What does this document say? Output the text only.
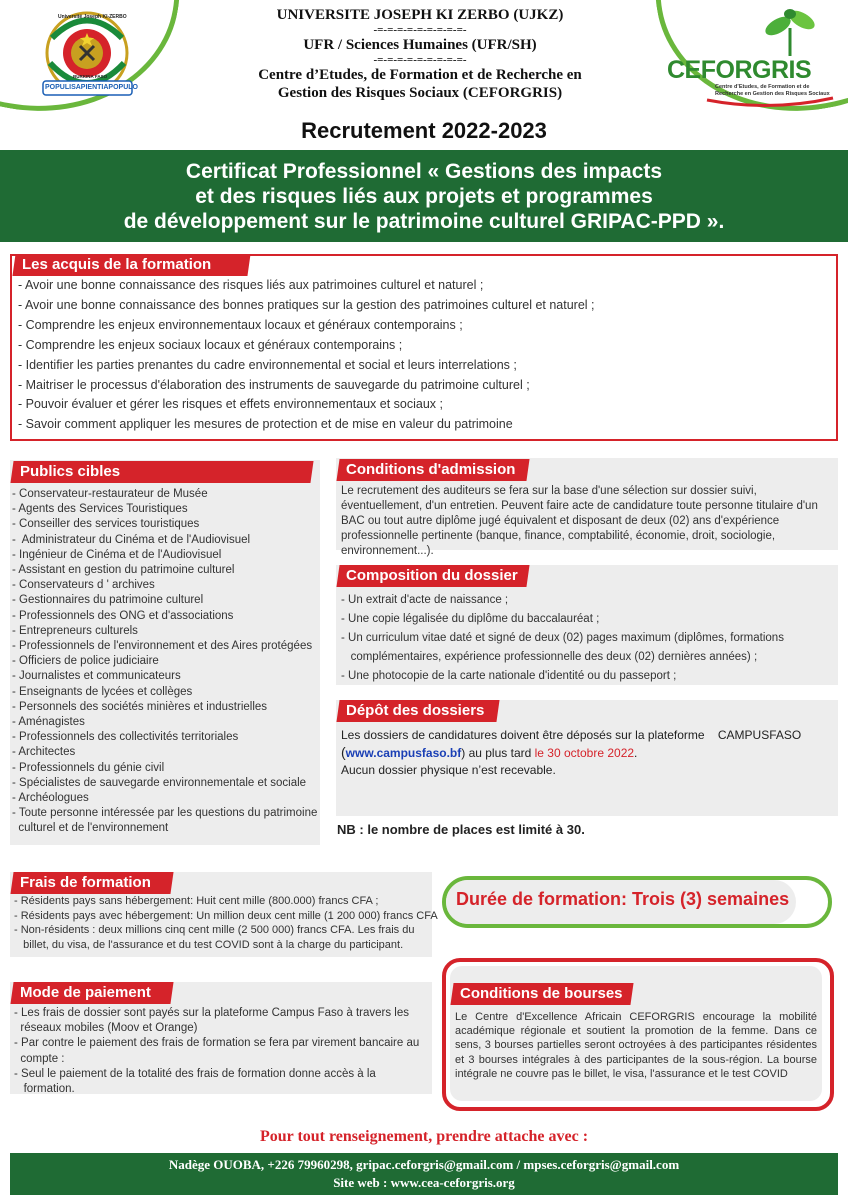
Université Joseph KI-ZERBO
BURKINA FASO
POPULI SAPIENTIA POPULO
UNIVERSITE JOSEPH KI ZERBO (UJKZ)
-=-=-=-=-=-=-=-=-=-
UFR / Sciences Humaines (UFR/SH)
-=-=-=-=-=-=-=-=-=-
Centre d’Etudes, de Formation et de Recherche en
Gestion des Risques Sociaux (CEFORGRIS)
CEFORGRIS
Centre d’Etudes, de Formation et de
Recherche en Gestion des Risques Sociaux
Recrutement 2022-2023
Certificat Professionnel « Gestions des impacts
et des risques liés aux projets et programmes
de développement sur le patrimoine culturel GRIPAC-PPD ».
Les acquis de la formation
- Avoir une bonne connaissance des risques liés aux patrimoines culturel et naturel ;
- Avoir une bonne connaissance des bonnes pratiques sur la gestion des patrimoines culturel et naturel ;
- Comprendre les enjeux environnementaux locaux et généraux contemporains ;
- Comprendre les enjeux sociaux locaux et généraux contemporains ;
- Identifier les parties prenantes du cadre environnemental et social et leurs interrelations ;
- Maitriser le processus d'élaboration des instruments de sauvegarde du patrimoine culturel ;
- Pouvoir évaluer et gérer les risques et effets environnementaux et sociaux ;
- Savoir comment appliquer les mesures de protection et de mise en valeur du patrimoine
Publics cibles
- Conservateur-restaurateur de Musée
- Agents des Services Touristiques
- Conseiller des services touristiques
-  Administrateur du Cinéma et de l'Audiovisuel
- Ingénieur de Cinéma et de l'Audiovisuel
- Assistant en gestion du patrimoine culturel
- Conservateurs d ' archives
- Gestionnaires du patrimoine culturel
- Professionnels des ONG et d'associations
- Entrepreneurs culturels
- Professionnels de l'environnement et des Aires protégées
- Officiers de police judiciaire
- Journalistes et communicateurs
- Enseignants de lycées et collèges
- Personnels des sociétés minières et industrielles
- Aménagistes
- Professionnels des collectivités territoriales
- Architectes
- Professionnels du génie civil
- Spécialistes de sauvegarde environnementale et sociale
- Archéologues
- Toute personne intéressée par les questions du patrimoine
culturel et de l'environnement
Conditions d'admission
Le recrutement des auditeurs se fera sur la base d'une sélection sur dossier suivi, éventuellement, d'un entretien. Peuvent faire acte de candidature toute personne titulaire d'un BAC ou tout autre diplôme jugé équivalent et disposant de deux (02) ans d'expérience professionnelle pertinente (banque, finance, comptabilité, économie, droit, sociologie, environnement...).
Composition du dossier
- Un extrait d'acte de naissance ;
- Une copie légalisée du diplôme du baccalauréat ;
- Un curriculum vitae daté et signé de deux (02) pages maximum (diplômes, formations
complémentaires, expérience professionnelle des deux (02) dernières années) ;
- Une photocopie de la carte nationale d'identité ou du passeport ;
Dépôt des dossiers
Les dossiers de candidatures doivent être déposés sur la plateforme    CAMPUSFASO
(www.campusfaso.bf) au plus tard le 30 octobre 2022.
Aucun dossier physique n’est recevable.
NB : le nombre de places est limité à 30.
Frais de formation
- Résidents pays sans hébergement: Huit cent mille (800.000) francs CFA ;
- Résidents pays avec hébergement: Un million deux cent mille (1 200 000) francs CFA
- Non-résidents : deux millions cinq cent mille (2 500 000) francs CFA. Les frais du
billet, du visa, de l'assurance et du test COVID sont à la charge du participant.
Durée de formation: Trois (3) semaines
Mode de paiement
- Les frais de dossier sont payés sur la plateforme Campus Faso à travers les
réseaux mobiles (Moov et Orange)
- Par contre le paiement des frais de formation se fera par virement bancaire au
compte :
- Seul le paiement de la totalité des frais de formation donne accès à la
formation.
Conditions de bourses
Le Centre d'Excellence Africain CEFORGRIS encourage la mobilité académique régionale et soutient la promotion de la femme. Dans ce sens, 3 bourses partielles seront octroyées à des participantes résidentes et 3 bourses intégrales à des participantes de la sous-région. La bourse intégrale ne couvre pas le billet, le visa, l'assurance et le test COVID
Pour tout renseignement, prendre attache avec :
Nadège OUOBA, +226 79960298, gripac.ceforgris@gmail.com / mpses.ceforgris@gmail.com
Site web : www.cea-ceforgris.org
